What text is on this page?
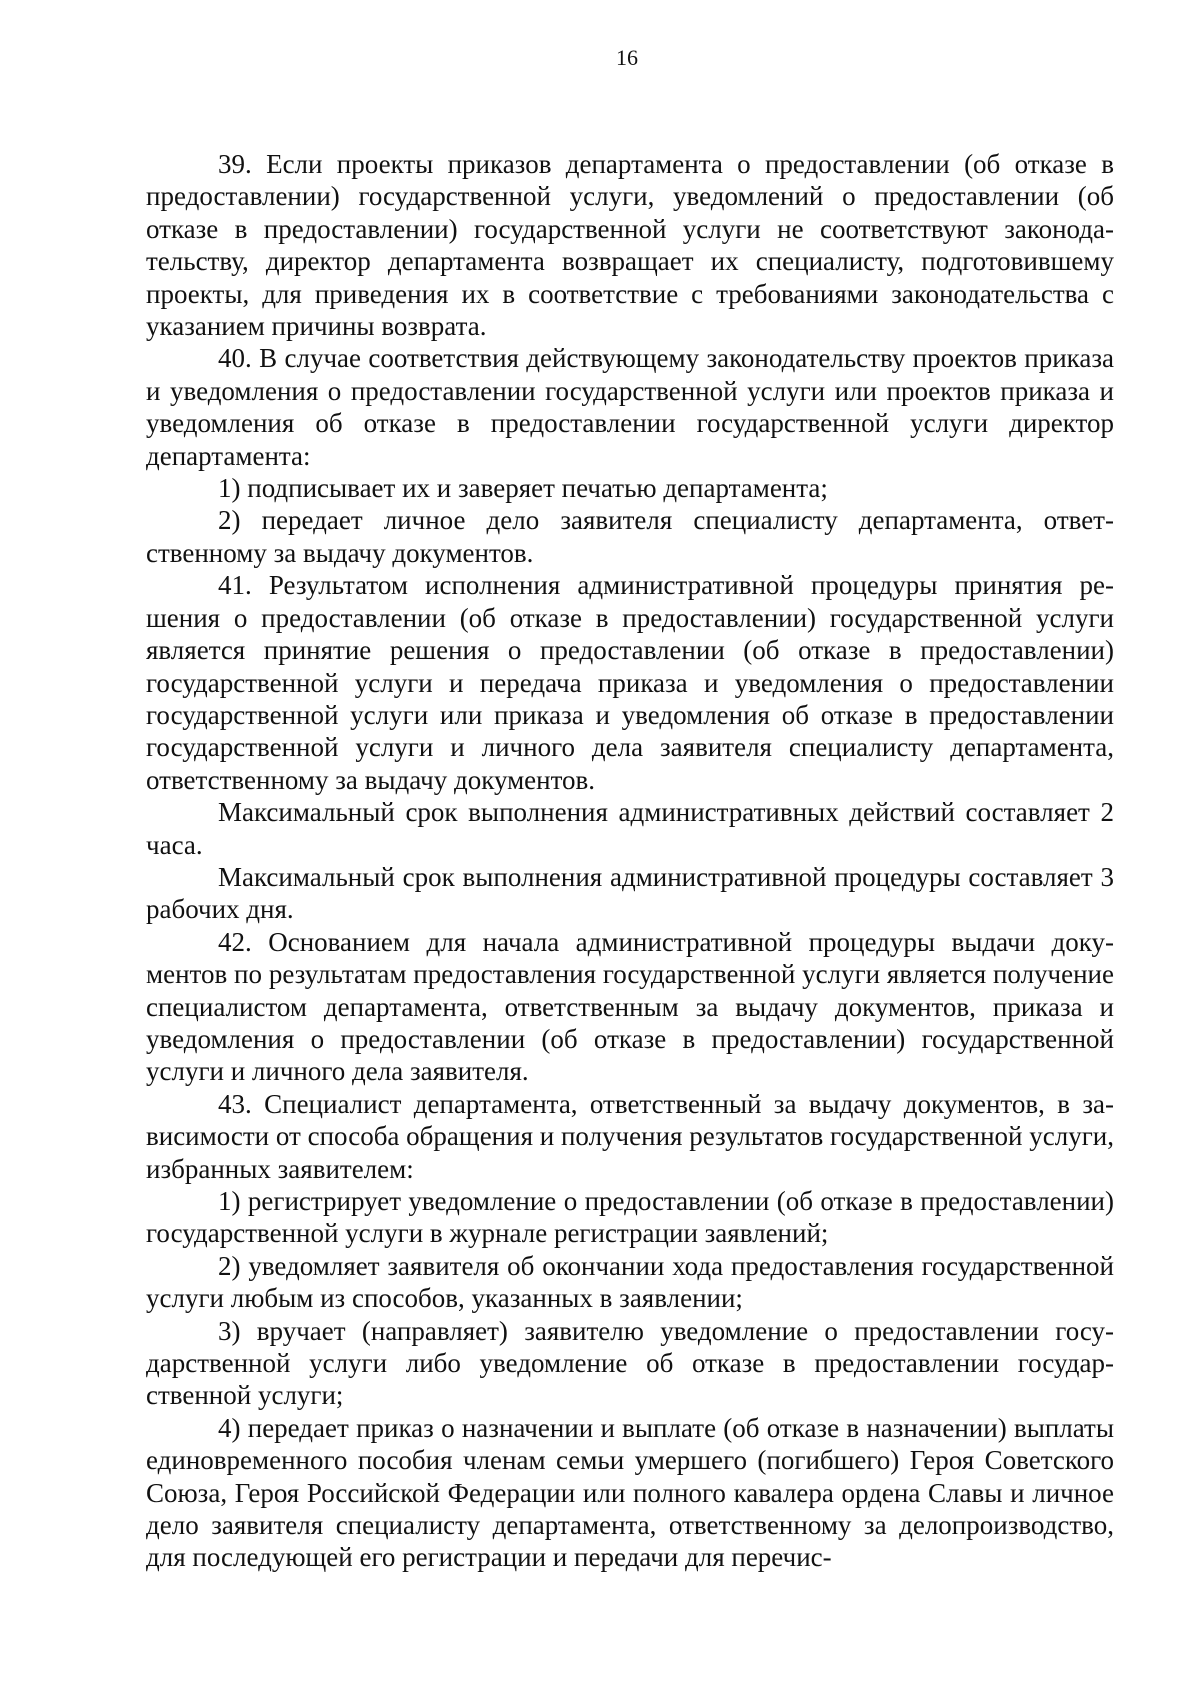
16

39. Если проекты приказов департамента о предоставлении (об отказе в предоставлении) государственной услуги, уведомлений о предоставлении (об отказе в предоставлении) государственной услуги не соответствуют законодательству, директор департамента возвращает их специалисту, подготовившему проекты, для приведения их в соответствие с требованиями законодательства с указанием причины возврата.

40. В случае соответствия действующему законодательству проектов приказа и уведомления о предоставлении государственной услуги или проектов приказа и уведомления об отказе в предоставлении государственной услуги директор департамента:

1) подписывает их и заверяет печатью департамента;

2) передает личное дело заявителя специалисту департамента, ответственному за выдачу документов.

41. Результатом исполнения административной процедуры принятия решения о предоставлении (об отказе в предоставлении) государственной услуги является принятие решения о предоставлении (об отказе в предоставлении) государственной услуги и передача приказа и уведомления о предоставлении государственной услуги или приказа и уведомления об отказе в предоставлении государственной услуги и личного дела заявителя специалисту департамента, ответственному за выдачу документов.

Максимальный срок выполнения административных действий составляет 2 часа.

Максимальный срок выполнения административной процедуры составляет 3 рабочих дня.

42. Основанием для начала административной процедуры выдачи документов по результатам предоставления государственной услуги является получение специалистом департамента, ответственным за выдачу документов, приказа и уведомления о предоставлении (об отказе в предоставлении) государственной услуги и личного дела заявителя.

43. Специалист департамента, ответственный за выдачу документов, в зависимости от способа обращения и получения результатов государственной услуги, избранных заявителем:

1) регистрирует уведомление о предоставлении (об отказе в предоставлении) государственной услуги в журнале регистрации заявлений;

2) уведомляет заявителя об окончании хода предоставления государственной услуги любым из способов, указанных в заявлении;

3) вручает (направляет) заявителю уведомление о предоставлении государственной услуги либо уведомление об отказе в предоставлении государственной услуги;

4) передает приказ о назначении и выплате (об отказе в назначении) выплаты единовременного пособия членам семьи умершего (погибшего) Героя Советского Союза, Героя Российской Федерации или полного кавалера ордена Славы и личное дело заявителя специалисту департамента, ответственному за делопроизводство, для последующей его регистрации и передачи для перечис-
